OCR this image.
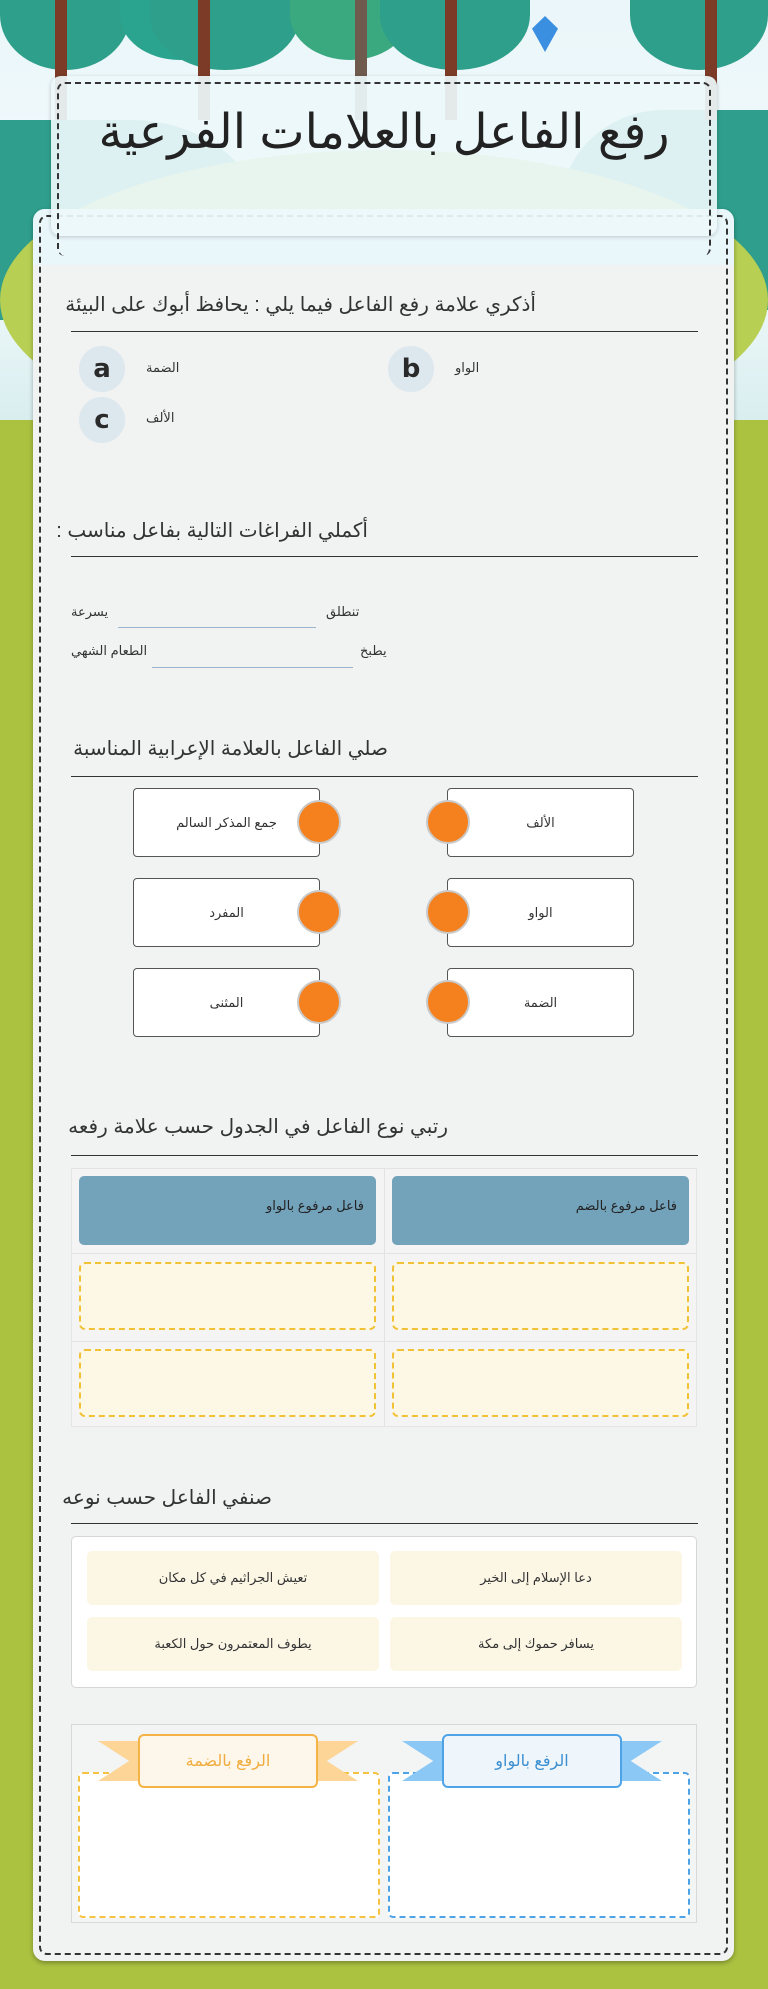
رفع الفاعل بالعلامات الفرعية
أذكري علامة رفع الفاعل فيما يلي : يحافظ أبوك على البيئة
a	الضمة	b	الواو
c	الألف
أكملي الفراغات التالية بفاعل مناسب :
تنطلق
يسرعة
يطبخ
الطعام الشهي
صلي الفاعل بالعلامة الإعرابية المناسبة
جمع المذكر السالم	الألف
المفرد	الواو
المثنى	الضمة
رتبي نوع الفاعل في الجدول حسب علامة رفعه
فاعل مرفوع بالضم
فاعل مرفوع بالواو
صنفي الفاعل حسب نوعه
دعا الإسلام إلى الخير
تعيش الجراثيم في كل مكان
يسافر حموك إلى مكة
يطوف المعتمرون حول الكعبة
الرفع بالواو
الرفع بالضمة
